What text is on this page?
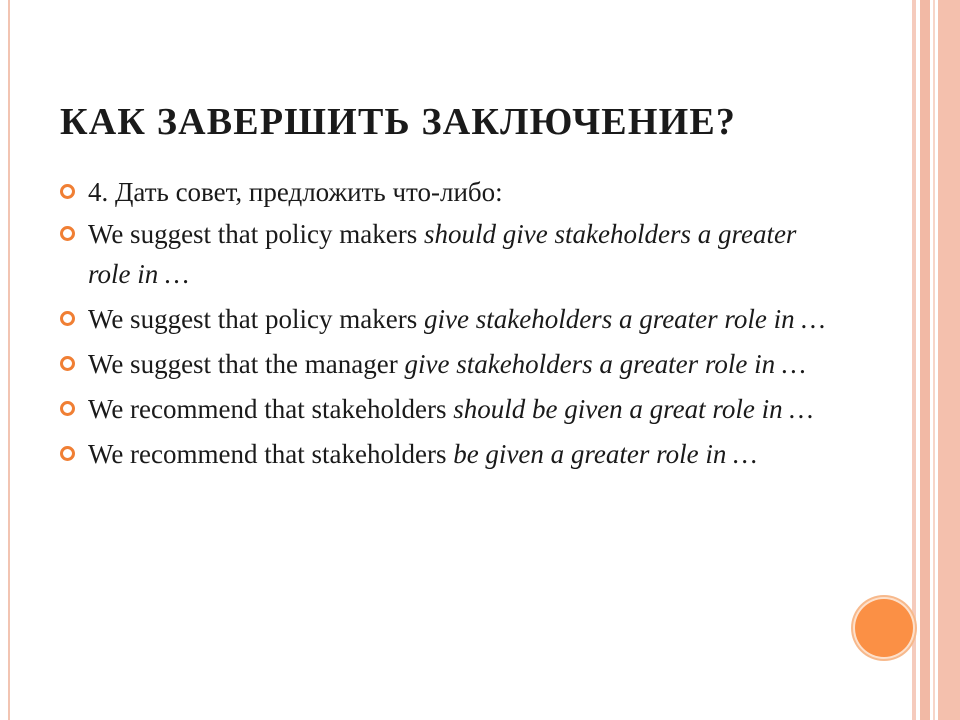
КАК ЗАВЕРШИТЬ ЗАКЛЮЧЕНИЕ?
4. Дать совет, предложить что-либо:
We suggest that policy makers should give stakeholders a greater role in …
We suggest that policy makers give stakeholders a greater role in …
We suggest that the manager give stakeholders a greater role in …
We recommend that stakeholders should be given a great role in …
We recommend that stakeholders be given a greater role in …
